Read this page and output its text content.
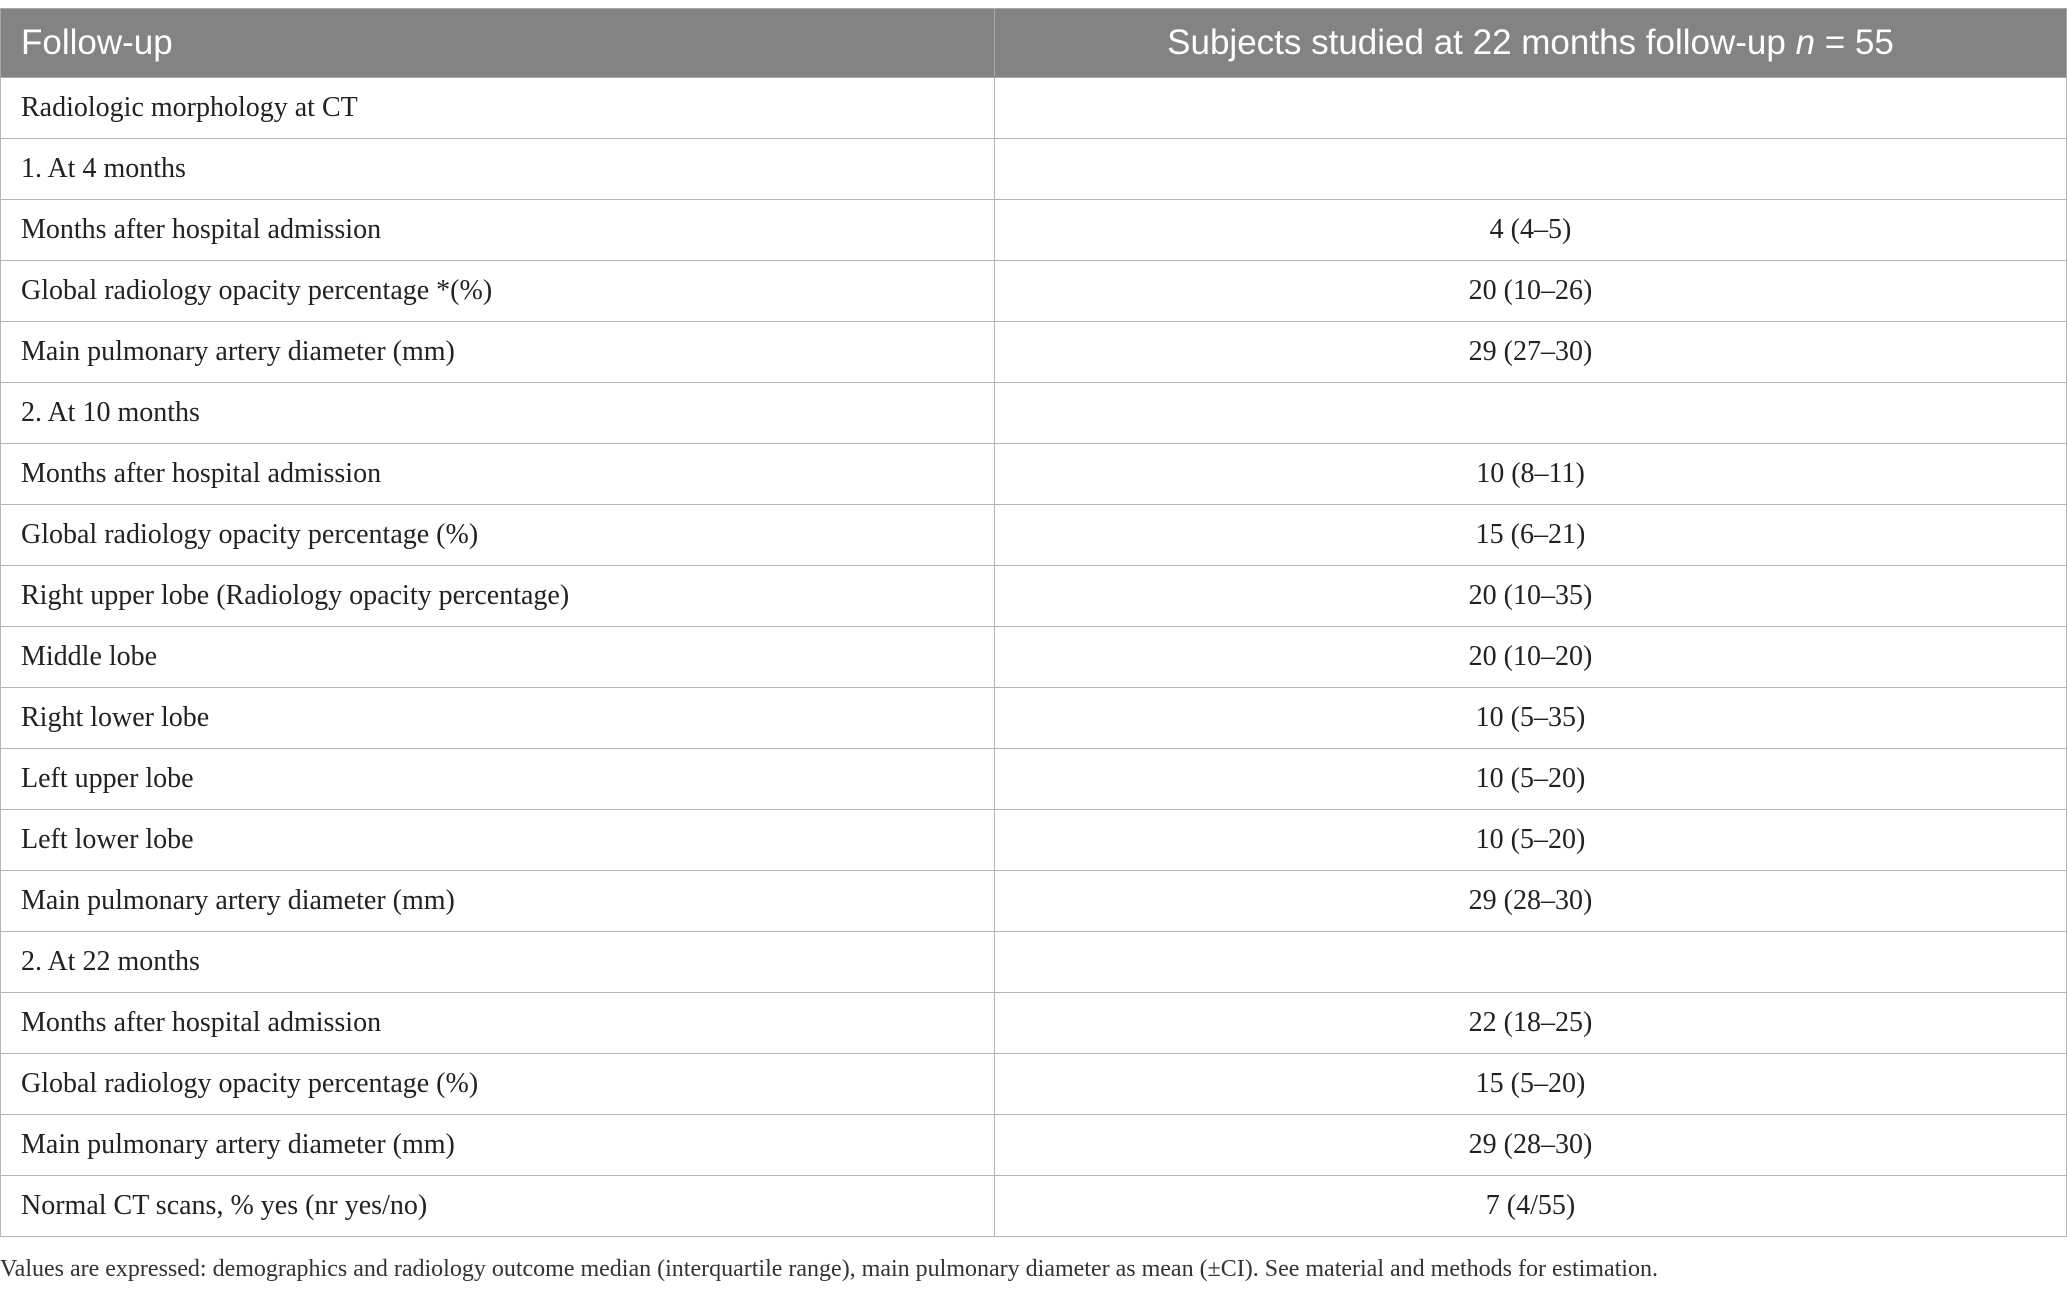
Follow-up	Subjects studied at 22 months follow-up n = 55
Radiologic morphology at CT	
1. At 4 months	
Months after hospital admission	4 (4–5)
Global radiology opacity percentage *(%)	20 (10–26)
Main pulmonary artery diameter (mm)	29 (27–30)
2. At 10 months	
Months after hospital admission	10 (8–11)
Global radiology opacity percentage (%)	15 (6–21)
Right upper lobe (Radiology opacity percentage)	20 (10–35)
Middle lobe	20 (10–20)
Right lower lobe	10 (5–35)
Left upper lobe	10 (5–20)
Left lower lobe	10 (5–20)
Main pulmonary artery diameter (mm)	29 (28–30)
2. At 22 months	
Months after hospital admission	22 (18–25)
Global radiology opacity percentage (%)	15 (5–20)
Main pulmonary artery diameter (mm)	29 (28–30)
Normal CT scans, % yes (nr yes/no)	7 (4/55)
Values are expressed: demographics and radiology outcome median (interquartile range), main pulmonary diameter as mean (±CI). See material and methods for estimation.
